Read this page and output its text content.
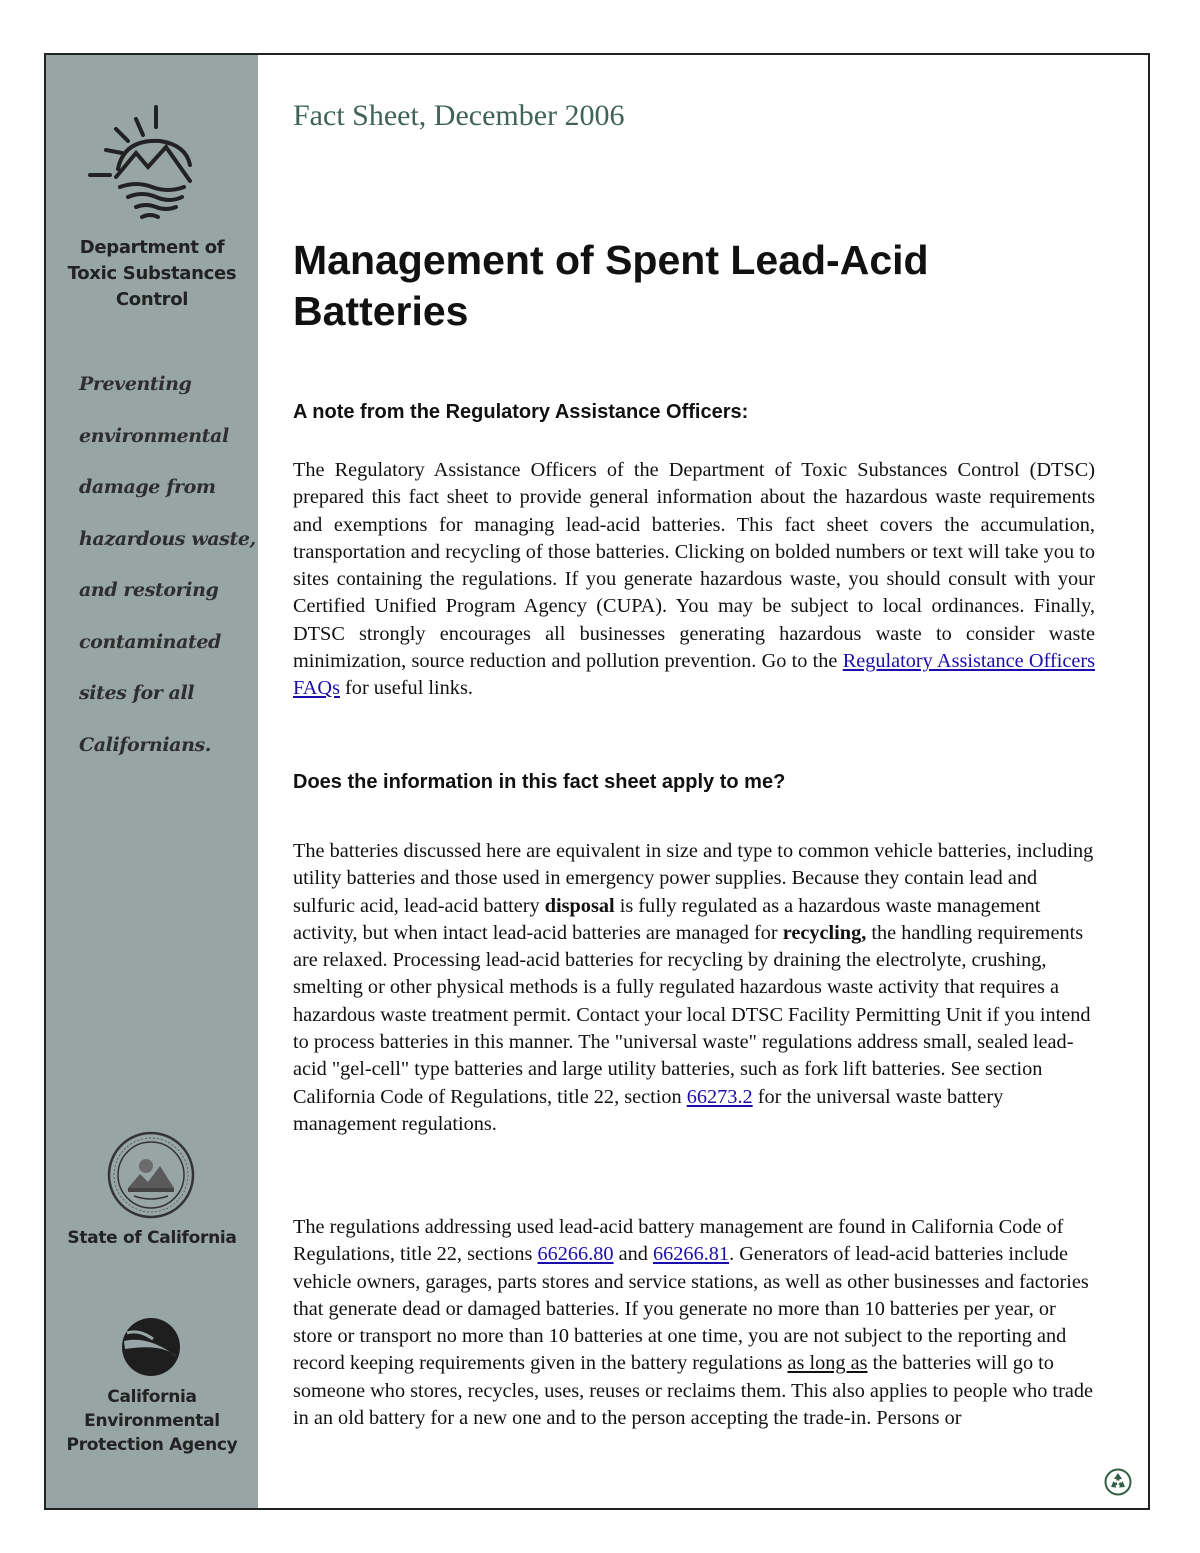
Department of
Toxic Substances
Control
Preventing
environmental
damage from
hazardous waste,
and restoring
contaminated
sites for all
Californians.
State of California
California
Environmental
Protection Agency
Fact Sheet, December 2006
Management of Spent Lead-Acid Batteries
A note from the Regulatory Assistance Officers:

The Regulatory Assistance Officers of the Department of Toxic Substances Control (DTSC) prepared this fact sheet to provide general information about the hazardous waste requirements and exemptions for managing lead-acid batteries. This fact sheet covers the accumulation, transportation and recycling of those batteries. Clicking on bolded numbers or text will take you to sites containing the regulations. If you generate hazardous waste, you should consult with your Certified Unified Program Agency (CUPA). You may be subject to local ordinances. Finally, DTSC strongly encourages all businesses generating hazardous waste to consider waste minimization, source reduction and pollution prevention. Go to the Regulatory Assistance Officers FAQs for useful links.

Does the information in this fact sheet apply to me?

The batteries discussed here are equivalent in size and type to common vehicle batteries, including utility batteries and those used in emergency power supplies. Because they contain lead and sulfuric acid, lead-acid battery disposal is fully regulated as a hazardous waste management activity, but when intact lead-acid batteries are managed for recycling, the handling requirements are relaxed. Processing lead-acid batteries for recycling by draining the electrolyte, crushing, smelting or other physical methods is a fully regulated hazardous waste activity that requires a hazardous waste treatment permit. Contact your local DTSC Facility Permitting Unit if you intend to process batteries in this manner. The "universal waste" regulations address small, sealed lead-acid "gel-cell" type batteries and large utility batteries, such as fork lift batteries. See section California Code of Regulations, title 22, section 66273.2 for the universal waste battery management regulations.

The regulations addressing used lead-acid battery management are found in California Code of Regulations, title 22, sections 66266.80 and 66266.81. Generators of lead-acid batteries include vehicle owners, garages, parts stores and service stations, as well as other businesses and factories that generate dead or damaged batteries. If you generate no more than 10 batteries per year, or store or transport no more than 10 batteries at one time, you are not subject to the reporting and record keeping requirements given in the battery regulations as long as the batteries will go to someone who stores, recycles, uses, reuses or reclaims them. This also applies to people who trade in an old battery for a new one and to the person accepting the trade-in. Persons or
